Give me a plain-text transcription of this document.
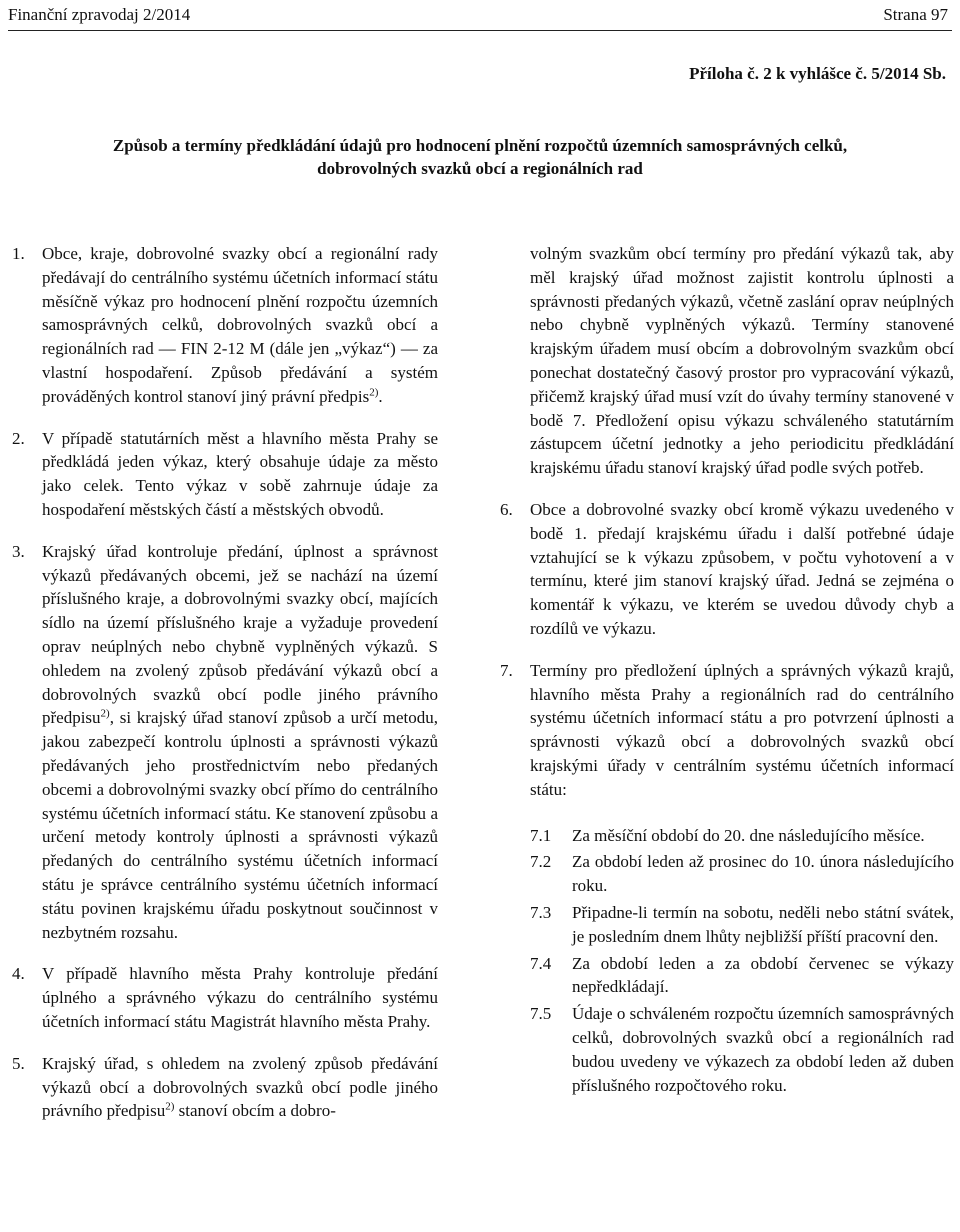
Finanční zpravodaj 2/2014	Strana 97
Příloha č. 2 k vyhlášce č. 5/2014 Sb.
Způsob a termíny předkládání údajů pro hodnocení plnění rozpočtů územních samosprávných celků,
dobrovolných svazků obcí a regionálních rad
1. Obce, kraje, dobrovolné svazky obcí a regionální rady předávají do centrálního systému účetních informací státu měsíčně výkaz pro hodnocení plnění rozpočtu územních samosprávných celků, dobrovolných svazků obcí a regionálních rad — FIN 2-12 M (dále jen „výkaz“) — za vlastní hospodaření. Způsob předávání a systém prováděných kontrol stanoví jiný právní předpis$^{2)}$.
2. V případě statutárních měst a hlavního města Prahy se předkládá jeden výkaz, který obsahuje údaje za město jako celek. Tento výkaz v sobě zahrnuje údaje za hospodaření městských částí a městských obvodů.
3. Krajský úřad kontroluje předání, úplnost a správnost výkazů předávaných obcemi, jež se nachází na území příslušného kraje, a dobrovolnými svazky obcí, majících sídlo na území příslušného kraje a vyžaduje provedení oprav neúplných nebo chybně vyplněných výkazů. S ohledem na zvolený způsob předávání výkazů obcí a dobrovolných svazků obcí podle jiného právního předpisu$^{2)}$, si krajský úřad stanoví způsob a určí metodu, jakou zabezpečí kontrolu úplnosti a správnosti výkazů předávaných jeho prostřednictvím nebo předaných obcemi a dobrovolnými svazky obcí přímo do centrálního systému účetních informací státu. Ke stanovení způsobu a určení metody kontroly úplnosti a správnosti výkazů předaných do centrálního systému účetních informací státu je správce centrálního systému účetních informací státu povinen krajskému úřadu poskytnout součinnost v nezbytném rozsahu.
4. V případě hlavního města Prahy kontroluje předání úplného a správného výkazu do centrálního systému účetních informací státu Magistrát hlavního města Prahy.
5. Krajský úřad, s ohledem na zvolený způsob předávání výkazů obcí a dobrovolných svazků obcí podle jiného právního předpisu$^{2)}$ stanoví obcím a dobro-
volným svazkům obcí termíny pro předání výkazů tak, aby měl krajský úřad možnost zajistit kontrolu úplnosti a správnosti předaných výkazů, včetně zaslání oprav neúplných nebo chybně vyplněných výkazů. Termíny stanovené krajským úřadem musí obcím a dobrovolným svazkům obcí ponechat dostatečný časový prostor pro vypracování výkazů, přičemž krajský úřad musí vzít do úvahy termíny stanovené v bodě 7. Předložení opisu výkazu schváleného statutárním zástupcem účetní jednotky a jeho periodicitu předkládání krajskému úřadu stanoví krajský úřad podle svých potřeb.
6. Obce a dobrovolné svazky obcí kromě výkazu uvedeného v bodě 1. předají krajskému úřadu i další potřebné údaje vztahující se k výkazu způsobem, v počtu vyhotovení a v termínu, které jim stanoví krajský úřad. Jedná se zejména o komentář k výkazu, ve kterém se uvedou důvody chyb a rozdílů ve výkazu.
7. Termíny pro předložení úplných a správných výkazů krajů, hlavního města Prahy a regionálních rad do centrálního systému účetních informací státu a pro potvrzení úplnosti a správnosti výkazů obcí a dobrovolných svazků obcí krajskými úřady v centrálním systému účetních informací státu:
7.1 Za měsíční období do 20. dne následujícího měsíce.
7.2 Za období leden až prosinec do 10. února následujícího roku.
7.3 Připadne-li termín na sobotu, neděli nebo státní svátek, je posledním dnem lhůty nejbližší příští pracovní den.
7.4 Za období leden a za období červenec se výkazy nepředkládají.
7.5 Údaje o schváleném rozpočtu územních samosprávných celků, dobrovolných svazků obcí a regionálních rad budou uvedeny ve výkazech za období leden až duben příslušného rozpočtového roku.
